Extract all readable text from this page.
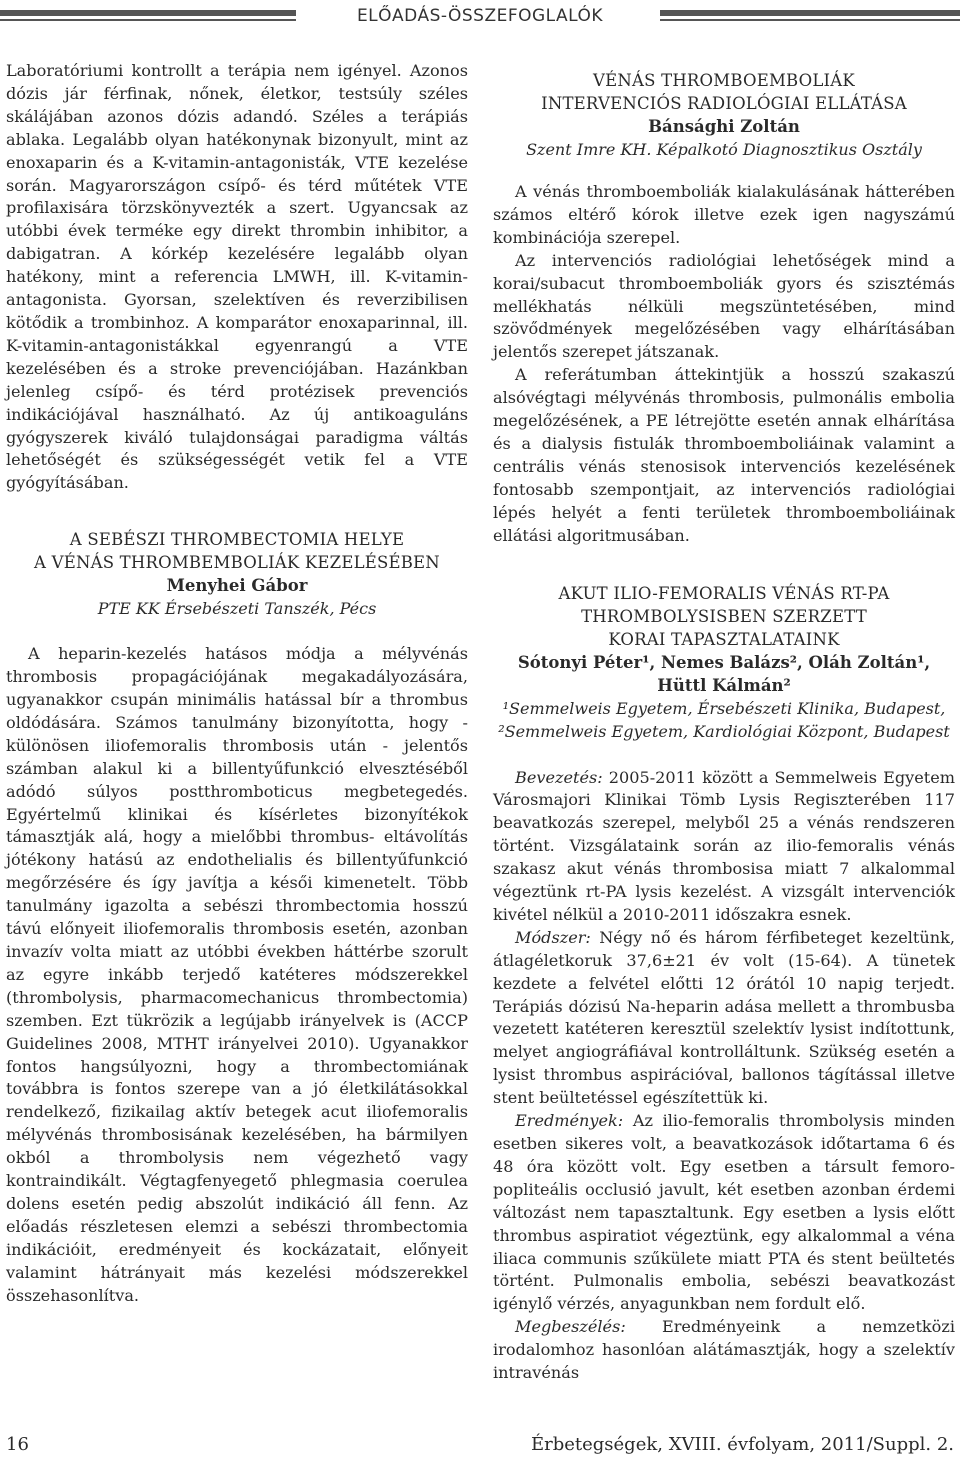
ELŐADÁS-ÖSSZEFOGLALÓK

Laboratóriumi kontrollt a terápia nem igényel. Azonos dózis jár férfinak, nőnek, életkor, testsúly széles skálájában azonos dózis adandó. Széles a terápiás ablaka. Legalább olyan hatékonynak bizonyult, mint az enoxaparin és a K-vitamin-antagonisták, VTE kezelése során. Magyarországon csípő- és térd műtétek VTE profilaxisára törzskönyvezték a szert. Ugyancsak az utóbbi évek terméke egy direkt thrombin inhibitor, a dabigatran. A kórkép kezelésére legalább olyan hatékony, mint a referencia LMWH, ill. K-vitamin-antagonista. Gyorsan, szelektíven és reverzibilisen kötődik a trombinhoz. A komparátor enoxaparinnal, ill. K-vitamin-antagonistákkal egyenrangú a VTE kezelésében és a stroke prevenciójában. Hazánkban jelenleg csípő- és térd protézisek prevenciós indikációjával használható. Az új antikoaguláns gyógyszerek kiváló tulajdonságai paradigma váltás lehetőségét és szükségességét vetik fel a VTE gyógyításában.

A SEBÉSZI THROMBECTOMIA HELYE
A VÉNÁS THROMBEMBOLIÁK KEZELÉSÉBEN
Menyhei Gábor
PTE KK Érsebészeti Tanszék, Pécs

A heparin-kezelés hatásos módja a mélyvénás thrombosis propagációjának megakadályozására, ugyanakkor csupán minimális hatással bír a thrombus oldódására. Számos tanulmány bizonyította, hogy - különösen iliofemoralis thrombosis után - jelentős számban alakul ki a billentyűfunkció elvesztéséből adódó súlyos postthromboticus megbetegedés. Egyértelmű klinikai és kísérletes bizonyítékok támasztják alá, hogy a mielőbbi thrombus- eltávolítás jótékony hatású az endothelialis és billentyűfunkció megőrzésére és így javítja a késői kimenetelt. Több tanulmány igazolta a sebészi thrombectomia hosszú távú előnyeit iliofemoralis thrombosis esetén, azonban invazív volta miatt az utóbbi években háttérbe szorult az egyre inkább terjedő katéteres módszerekkel (thrombolysis, pharmacomechanicus thrombectomia) szemben. Ezt tükrözik a legújabb irányelvek is (ACCP Guidelines 2008, MTHT irányelvei 2010). Ugyanakkor fontos hangsúlyozni, hogy a thrombectomiának továbbra is fontos szerepe van a jó életkilátásokkal rendelkező, fizikailag aktív betegek acut iliofemoralis mélyvénás thrombosisának kezelésében, ha bármilyen okból a thrombolysis nem végezhető vagy kontraindikált. Végtagfenyegető phlegmasia coerulea dolens esetén pedig abszolút indikáció áll fenn. Az előadás részletesen elemzi a sebészi thrombectomia indikációit, eredményeit és kockázatait, előnyeit valamint hátrányait más kezelési módszerekkel összehasonlítva.

VÉNÁS THROMBOEMBOLIÁK
INTERVENCIÓS RADIOLÓGIAI ELLÁTÁSA
Bánsághi Zoltán
Szent Imre KH. Képalkotó Diagnosztikus Osztály

A vénás thromboemboliák kialakulásának hátterében számos eltérő kórok illetve ezek igen nagyszámú kombinációja szerepel.

Az intervenciós radiológiai lehetőségek mind a korai/subacut thromboemboliák gyors és szisztémás mellékhatás nélküli megszüntetésében, mind szövődmények megelőzésében vagy elhárításában jelentős szerepet játszanak.

A referátumban áttekintjük a hosszú szakaszú alsóvégtagi mélyvénás thrombosis, pulmonális embolia megelőzésének, a PE létrejötte esetén annak elhárítása és a dialysis fistulák thromboemboliáinak valamint a centrális vénás stenosisok intervenciós kezelésének fontosabb szempontjait, az intervenciós radiológiai lépés helyét a fenti területek thromboemboliáinak ellátási algoritmusában.

AKUT ILIO-FEMORALIS VÉNÁS RT-PA
THROMBOLYSISBEN SZERZETT
KORAI TAPASZTALATAINK
Sótonyi Péter¹, Nemes Balázs², Oláh Zoltán¹,
Hüttl Kálmán²
¹Semmelweis Egyetem, Érsebészeti Klinika, Budapest,
²Semmelweis Egyetem, Kardiológiai Központ, Budapest

Bevezetés: 2005-2011 között a Semmelweis Egyetem Városmajori Klinikai Tömb Lysis Regiszterében 117 beavatkozás szerepel, melyből 25 a vénás rendszeren történt. Vizsgálataink során az ilio-femoralis vénás szakasz akut vénás thrombosisa miatt 7 alkalommal végeztünk rt-PA lysis kezelést. A vizsgált intervenciók kivétel nélkül a 2010-2011 időszakra esnek.

Módszer: Négy nő és három férfibeteget kezeltünk, átlagéletkoruk 37,6±21 év volt (15-64). A tünetek kezdete a felvétel előtti 12 órától 10 napig terjedt. Terápiás dózisú Na-heparin adása mellett a thrombusba vezetett katéteren keresztül szelektív lysist indítottunk, melyet angiográfiával kontrolláltunk. Szükség esetén a lysist thrombus aspirációval, ballonos tágítással illetve stent beültetéssel egészítettük ki.

Eredmények: Az ilio-femoralis thrombolysis minden esetben sikeres volt, a beavatkozások időtartama 6 és 48 óra között volt. Egy esetben a társult femoro-popliteális occlusió javult, két esetben azonban érdemi változást nem tapasztaltunk. Egy esetben a lysis előtt thrombus aspiratiot végeztünk, egy alkalommal a véna iliaca communis szűkülete miatt PTA és stent beültetés történt. Pulmonalis embolia, sebészi beavatkozást igénylő vérzés, anyagunkban nem fordult elő.

Megbeszélés: Eredményeink a nemzetközi irodalomhoz hasonlóan alátámasztják, hogy a szelektív intravénás

16	Érbetegségek, XVIII. évfolyam, 2011/Suppl. 2.
